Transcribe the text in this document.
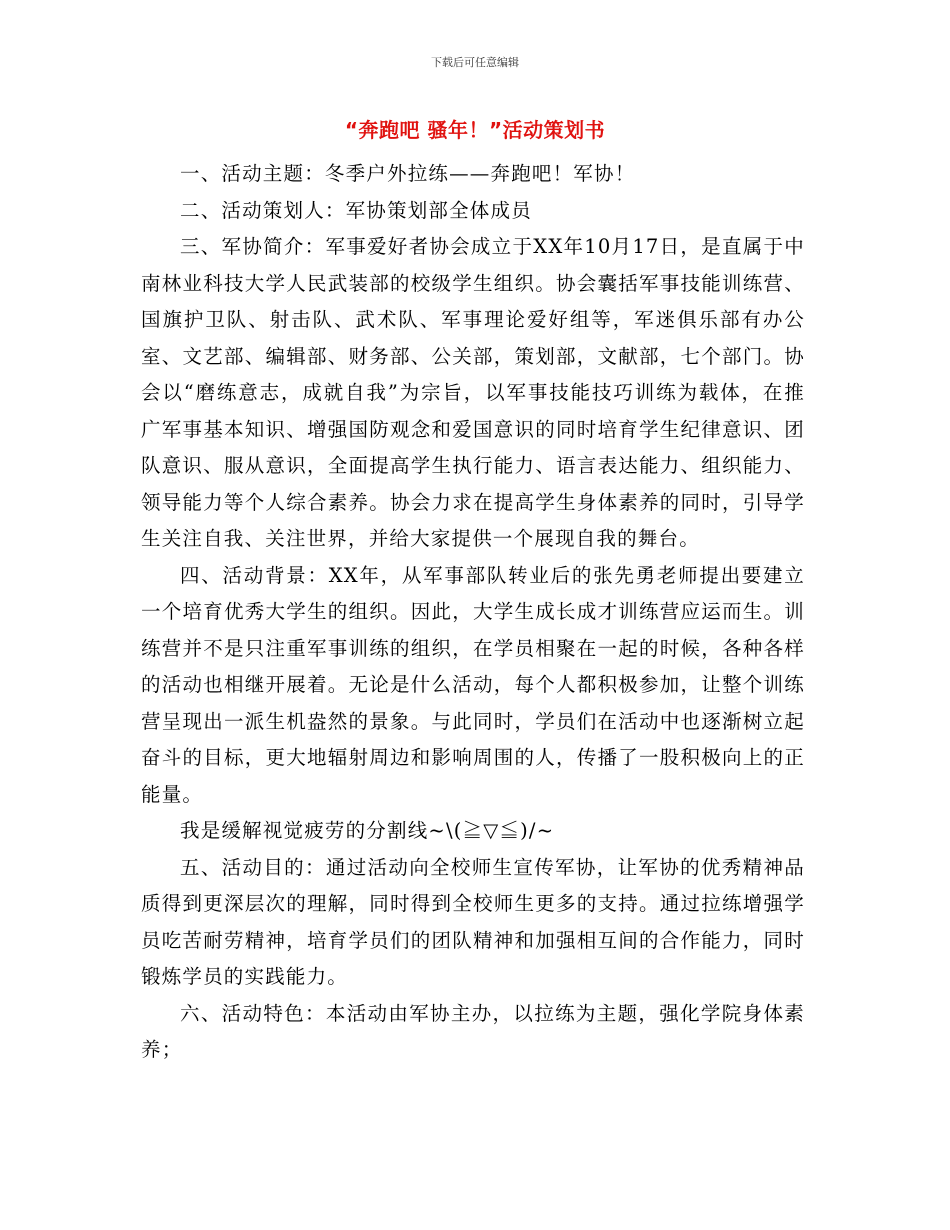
下载后可任意编辑
“奔跑吧 骚年！”活动策划书

一、活动主题：冬季户外拉练——奔跑吧！军协！

二、活动策划人：军协策划部全体成员

三、军协简介：军事爱好者协会成立于XX年10月17日，是直属于中南林业科技大学人民武装部的校级学生组织。协会囊括军事技能训练营、国旗护卫队、射击队、武术队、军事理论爱好组等，军迷俱乐部有办公室、文艺部、编辑部、财务部、公关部，策划部，文献部，七个部门。协会以“磨练意志，成就自我”为宗旨，以军事技能技巧训练为载体，在推广军事基本知识、增强国防观念和爱国意识的同时培育学生纪律意识、团队意识、服从意识，全面提高学生执行能力、语言表达能力、组织能力、领导能力等个人综合素养。协会力求在提高学生身体素养的同时，引导学生关注自我、关注世界，并给大家提供一个展现自我的舞台。

四、活动背景：XX年，从军事部队转业后的张先勇老师提出要建立一个培育优秀大学生的组织。因此，大学生成长成才训练营应运而生。训练营并不是只注重军事训练的组织，在学员相聚在一起的时候，各种各样的活动也相继开展着。无论是什么活动，每个人都积极参加，让整个训练营呈现出一派生机盎然的景象。与此同时，学员们在活动中也逐渐树立起奋斗的目标，更大地辐射周边和影响周围的人，传播了一股积极向上的正能量。

我是缓解视觉疲劳的分割线~\(≧▽≦)/~

五、活动目的：通过活动向全校师生宣传军协，让军协的优秀精神品质得到更深层次的理解，同时得到全校师生更多的支持。通过拉练增强学员吃苦耐劳精神，培育学员们的团队精神和加强相互间的合作能力，同时锻炼学员的实践能力。

六、活动特色：本活动由军协主办，以拉练为主题，强化学院身体素养；
